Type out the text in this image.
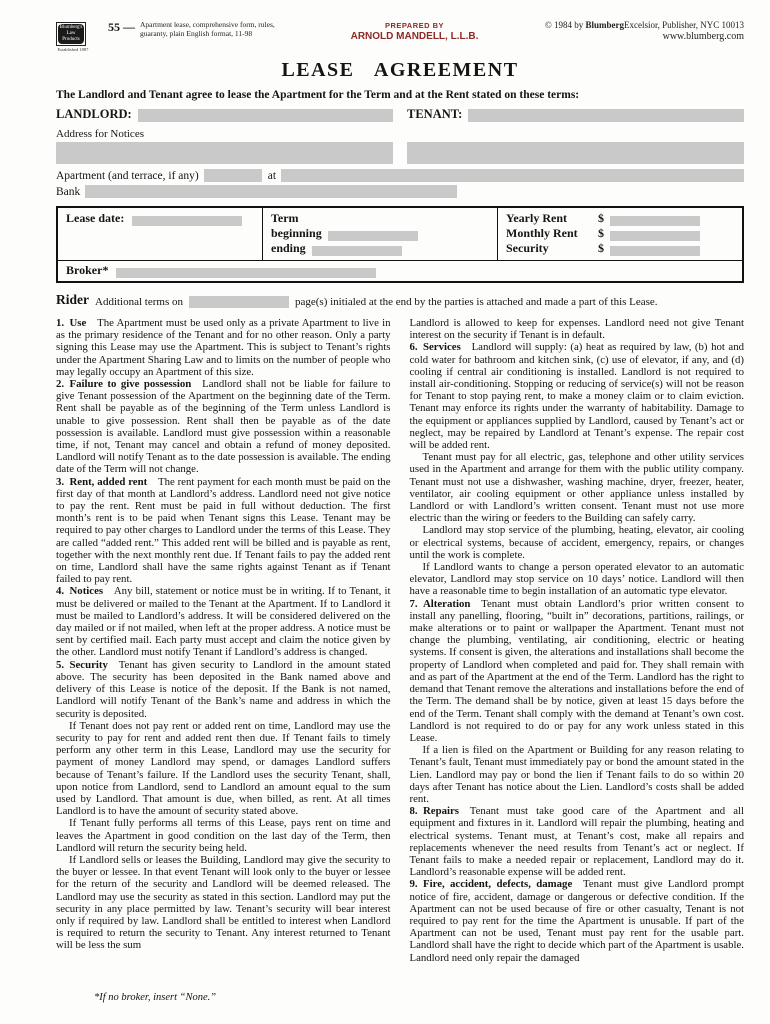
Blumberg's
Law Products
Established 1887
55 — Apartment lease, comprehensive form, rules, guaranty, plain English format, 11-98
PREPARED BY
ARNOLD MANDELL, L.L.B.
© 1984 by BlumbergExcelsior, Publisher, NYC 10013
www.blumberg.com
LEASE AGREEMENT
The Landlord and Tenant agree to lease the Apartment for the Term and at the Rent stated on these terms:
LANDLORD:	TENANT:
Address for Notices
Apartment (and terrace, if any)	at
Bank
Lease date:	Term
beginning
ending
Yearly Rent	$
Monthly Rent	$
Security	$
Broker*
Rider Additional terms on	page(s) initialed at the end by the parties is attached and made a part of this Lease.

1. Use  The Apartment must be used only as a private Apartment to live in as the primary residence of the Tenant and for no other reason. Only a party signing this Lease may use the Apartment. This is subject to Tenant’s rights under the Apartment Sharing Law and to limits on the number of people who may legally occupy an Apartment of this size.

2. Failure to give possession  Landlord shall not be liable for failure to give Tenant possession of the Apartment on the beginning date of the Term. Rent shall be payable as of the beginning of the Term unless Landlord is unable to give possession. Rent shall then be payable as of the date possession is available. Landlord must give possession within a reasonable time, if not, Tenant may cancel and obtain a refund of money deposited. Landlord will notify Tenant as to the date possession is available. The ending date of the Term will not change.

3. Rent, added rent  The rent payment for each month must be paid on the first day of that month at Landlord’s address. Landlord need not give notice to pay the rent. Rent must be paid in full without deduction. The first month’s rent is to be paid when Tenant signs this Lease. Tenant may be required to pay other charges to Landlord under the terms of this Lease. They are called “added rent.” This added rent will be billed and is payable as rent, together with the next monthly rent due. If Tenant fails to pay the added rent on time, Landlord shall have the same rights against Tenant as if Tenant failed to pay rent.

4. Notices  Any bill, statement or notice must be in writing. If to Tenant, it must be delivered or mailed to the Tenant at the Apartment. If to Landlord it must be mailed to Landlord’s address. It will be considered delivered on the day mailed or if not mailed, when left at the proper address. A notice must be sent by certified mail. Each party must accept and claim the notice given by the other. Landlord must notify Tenant if Landlord’s address is changed.

5. Security  Tenant has given security to Landlord in the amount stated above. The security has been deposited in the Bank named above and delivery of this Lease is notice of the deposit. If the Bank is not named, Landlord will notify Tenant of the Bank’s name and address in which the security is deposited.

If Tenant does not pay rent or added rent on time, Landlord may use the security to pay for rent and added rent then due. If Tenant fails to timely perform any other term in this Lease, Landlord may use the security for payment of money Landlord may spend, or damages Landlord suffers because of Tenant’s failure. If the Landlord uses the security Tenant, shall, upon notice from Landlord, send to Landlord an amount equal to the sum used by Landlord. That amount is due, when billed, as rent. At all times Landlord is to have the amount of security stated above.

If Tenant fully performs all terms of this Lease, pays rent on time and leaves the Apartment in good condition on the last day of the Term, then Landlord will return the security being held.

If Landlord sells or leases the Building, Landlord may give the security to the buyer or lessee. In that event Tenant will look only to the buyer or lessee for the return of the security and Landlord will be deemed released. The Landlord may use the security as stated in this section. Landlord may put the security in any place permitted by law. Tenant’s security will bear interest only if required by law. Landlord shall be entitled to interest when Landlord is required to return the security to Tenant. Any interest returned to Tenant will be less the sum

Landlord is allowed to keep for expenses. Landlord need not give Tenant interest on the security if Tenant is in default.

6. Services  Landlord will supply: (a) heat as required by law, (b) hot and cold water for bathroom and kitchen sink, (c) use of elevator, if any, and (d) cooling if central air conditioning is installed. Landlord is not required to install air-conditioning. Stopping or reducing of service(s) will not be reason for Tenant to stop paying rent, to make a money claim or to claim eviction. Tenant may enforce its rights under the warranty of habitability. Damage to the equipment or appliances supplied by Landlord, caused by Tenant’s act or neglect, may be repaired by Landlord at Tenant’s expense. The repair cost will be added rent.

Tenant must pay for all electric, gas, telephone and other utility services used in the Apartment and arrange for them with the public utility company. Tenant must not use a dishwasher, washing machine, dryer, freezer, heater, ventilator, air cooling equipment or other appliance unless installed by Landlord or with Landlord’s written consent. Tenant must not use more electric than the wiring or feeders to the Building can safely carry.

Landlord may stop service of the plumbing, heating, elevator, air cooling or electrical systems, because of accident, emergency, repairs, or changes until the work is complete.

If Landlord wants to change a person operated elevator to an automatic elevator, Landlord may stop service on 10 days’ notice. Landlord will then have a reasonable time to begin installation of an automatic type elevator.

7. Alteration  Tenant must obtain Landlord’s prior written consent to install any panelling, flooring, “built in” decorations, partitions, railings, or make alterations or to paint or wallpaper the Apartment. Tenant must not change the plumbing, ventilating, air conditioning, electric or heating systems. If consent is given, the alterations and installations shall become the property of Landlord when completed and paid for. They shall remain with and as part of the Apartment at the end of the Term. Landlord has the right to demand that Tenant remove the alterations and installations before the end of the Term. The demand shall be by notice, given at least 15 days before the end of the Term. Tenant shall comply with the demand at Tenant’s own cost. Landlord is not required to do or pay for any work unless stated in this Lease.

If a lien is filed on the Apartment or Building for any reason relating to Tenant’s fault, Tenant must immediately pay or bond the amount stated in the Lien. Landlord may pay or bond the lien if Tenant fails to do so within 20 days after Tenant has notice about the Lien. Landlord’s costs shall be added rent.

8. Repairs  Tenant must take good care of the Apartment and all equipment and fixtures in it. Landlord will repair the plumbing, heating and electrical systems. Tenant must, at Tenant’s cost, make all repairs and replacements whenever the need results from Tenant’s act or neglect. If Tenant fails to make a needed repair or replacement, Landlord may do it. Landlord’s reasonable expense will be added rent.

9. Fire, accident, defects, damage  Tenant must give Landlord prompt notice of fire, accident, damage or dangerous or defective condition. If the Apartment can not be used because of fire or other casualty, Tenant is not required to pay rent for the time the Apartment is unusable. If part of the Apartment can not be used, Tenant must pay rent for the usable part. Landlord shall have the right to decide which part of the Apartment is usable. Landlord need only repair the damaged

*If no broker, insert “None.”
